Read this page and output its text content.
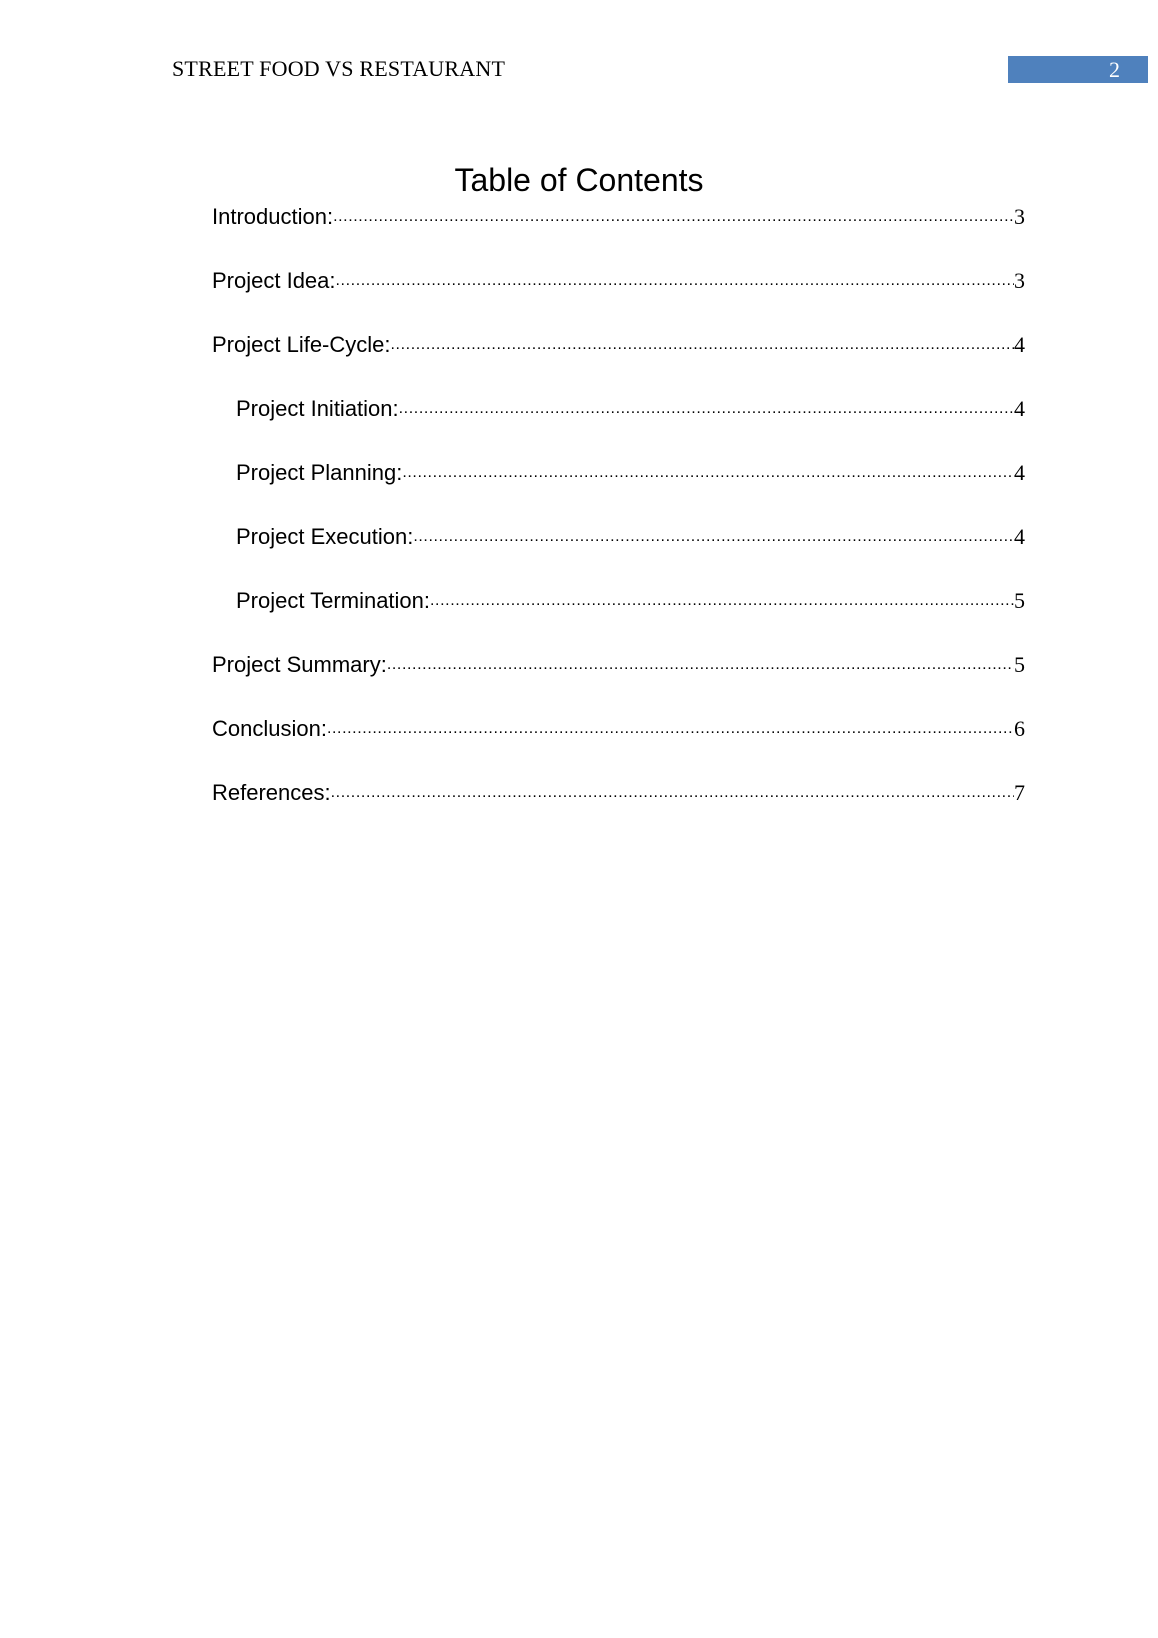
STREET FOOD VS RESTAURANT	2
Table of Contents
Introduction: .....	3
Project Idea: .....	3
Project Life-Cycle: .....	4
Project Initiation: .....	4
Project Planning: .....	4
Project Execution: .....	4
Project Termination: .....	5
Project Summary: .....	5
Conclusion: .....	6
References: .....	7
